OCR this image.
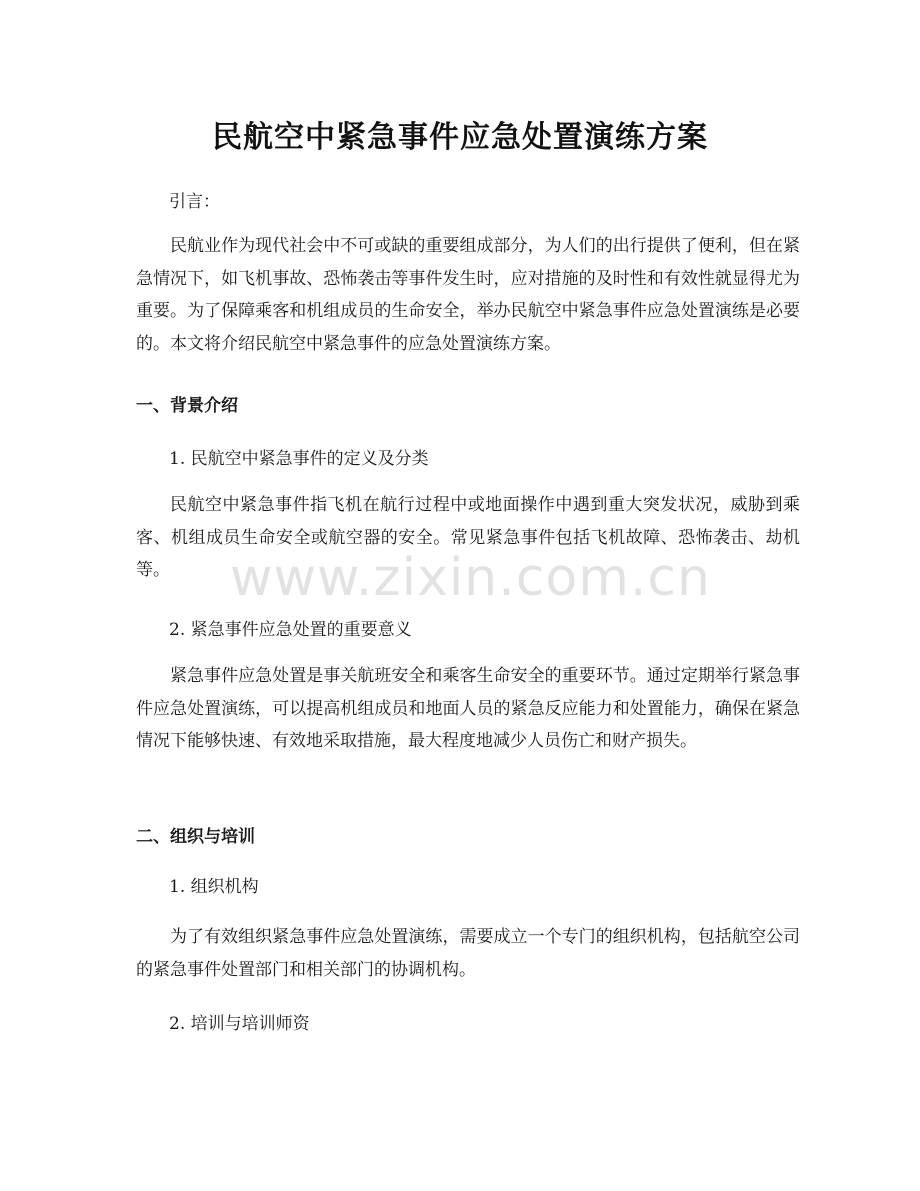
民航空中紧急事件应急处置演练方案

引言：

民航业作为现代社会中不可或缺的重要组成部分，为人们的出行提供了便利，但在紧急情况下，如飞机事故、恐怖袭击等事件发生时，应对措施的及时性和有效性就显得尤为重要。为了保障乘客和机组成员的生命安全，举办民航空中紧急事件应急处置演练是必要的。本文将介绍民航空中紧急事件的应急处置演练方案。

一、背景介绍

1. 民航空中紧急事件的定义及分类

民航空中紧急事件指飞机在航行过程中或地面操作中遇到重大突发状况，威胁到乘客、机组成员生命安全或航空器的安全。常见紧急事件包括飞机故障、恐怖袭击、劫机等。

2. 紧急事件应急处置的重要意义

紧急事件应急处置是事关航班安全和乘客生命安全的重要环节。通过定期举行紧急事件应急处置演练，可以提高机组成员和地面人员的紧急反应能力和处置能力，确保在紧急情况下能够快速、有效地采取措施，最大程度地减少人员伤亡和财产损失。

二、组织与培训

1. 组织机构

为了有效组织紧急事件应急处置演练，需要成立一个专门的组织机构，包括航空公司的紧急事件处置部门和相关部门的协调机构。

2. 培训与培训师资

www.zixin.com.cn
